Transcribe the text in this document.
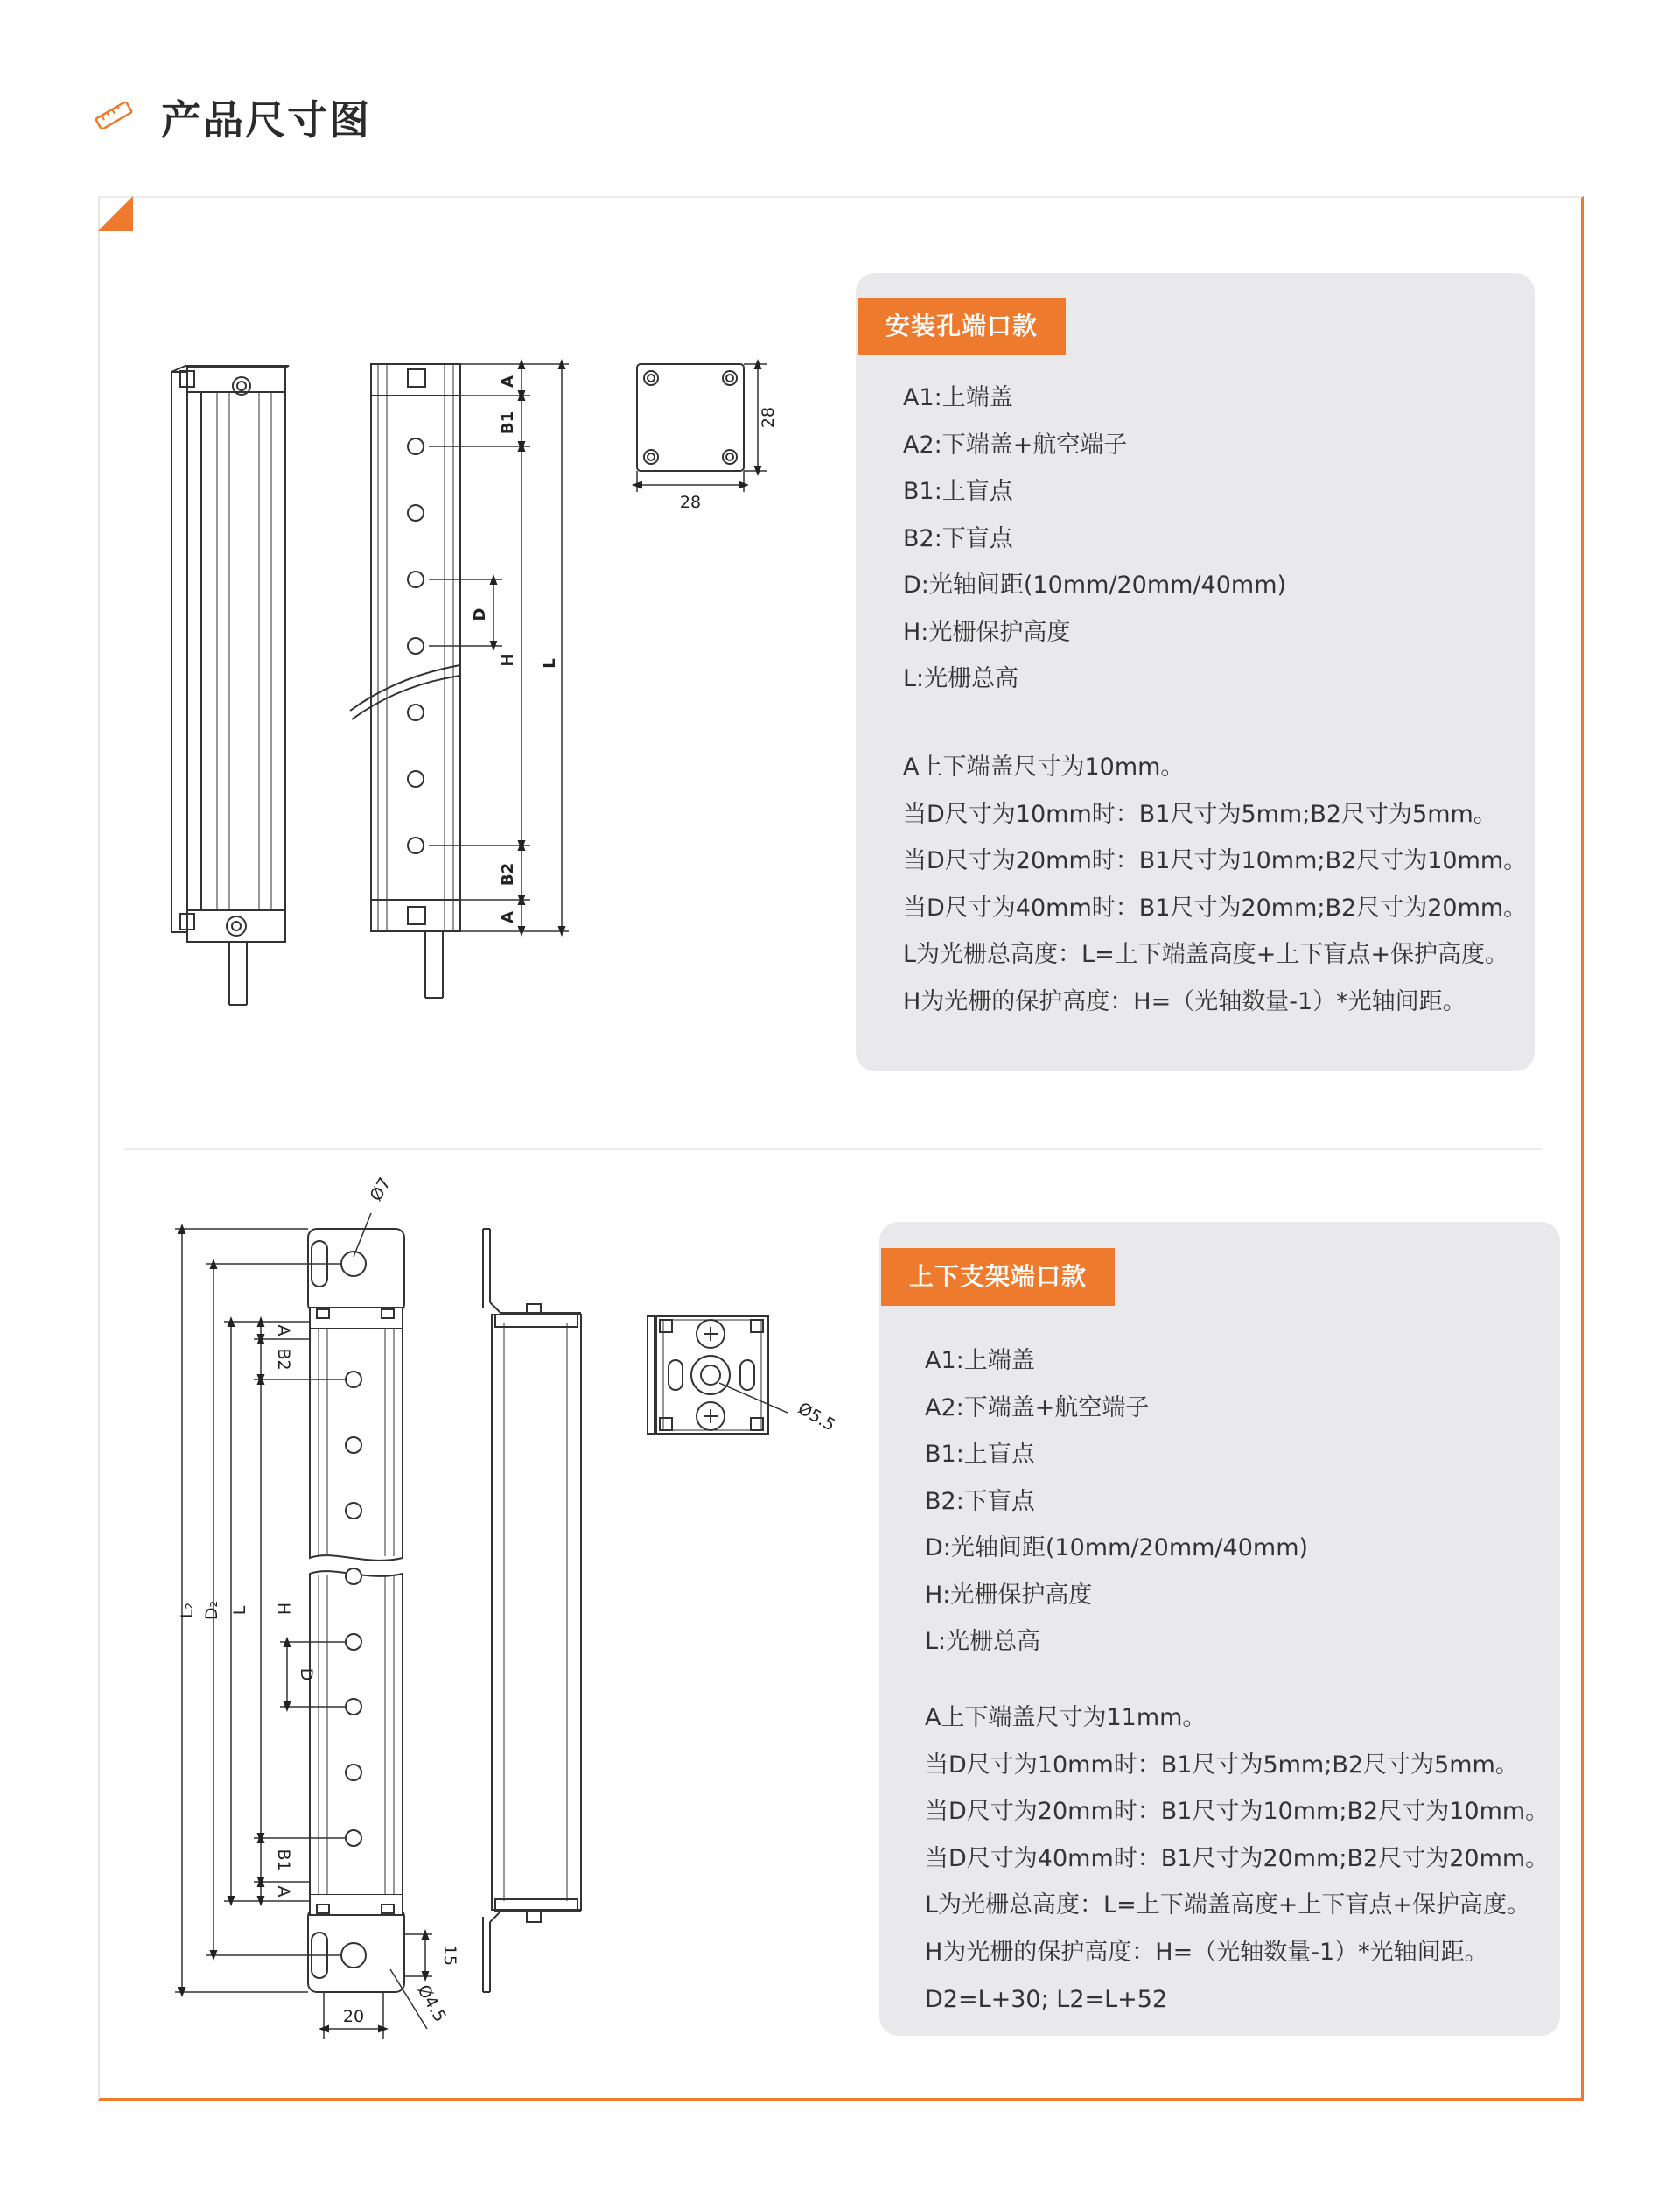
产品尺寸图
A
B1
D
H L
B2
A
28
28
Ø7
L₂ D₂ L
A
B2
H
D
B1
A
15
20	Ø4.5
Ø5.5
安装孔端口款
A1:上端盖
A2:下端盖+航空端子
B1:上盲点
B2:下盲点
D:光轴间距(10mm/20mm/40mm)
H:光栅保护高度
L:光栅总高
A上下端盖尺寸为10mm。
当D尺寸为10mm时：B1尺寸为5mm;B2尺寸为5mm。
当D尺寸为20mm时：B1尺寸为10mm;B2尺寸为10mm。
当D尺寸为40mm时：B1尺寸为20mm;B2尺寸为20mm。
L为光栅总高度：L=上下端盖高度+上下盲点+保护高度。
H为光栅的保护高度：H=（光轴数量-1）*光轴间距。
上下支架端口款
A1:上端盖
A2:下端盖+航空端子
B1:上盲点
B2:下盲点
D:光轴间距(10mm/20mm/40mm)
H:光栅保护高度
L:光栅总高
A上下端盖尺寸为11mm。
当D尺寸为10mm时：B1尺寸为5mm;B2尺寸为5mm。
当D尺寸为20mm时：B1尺寸为10mm;B2尺寸为10mm。
当D尺寸为40mm时：B1尺寸为20mm;B2尺寸为20mm。
L为光栅总高度：L=上下端盖高度+上下盲点+保护高度。
H为光栅的保护高度：H=（光轴数量-1）*光轴间距。
D2=L+30; L2=L+52
